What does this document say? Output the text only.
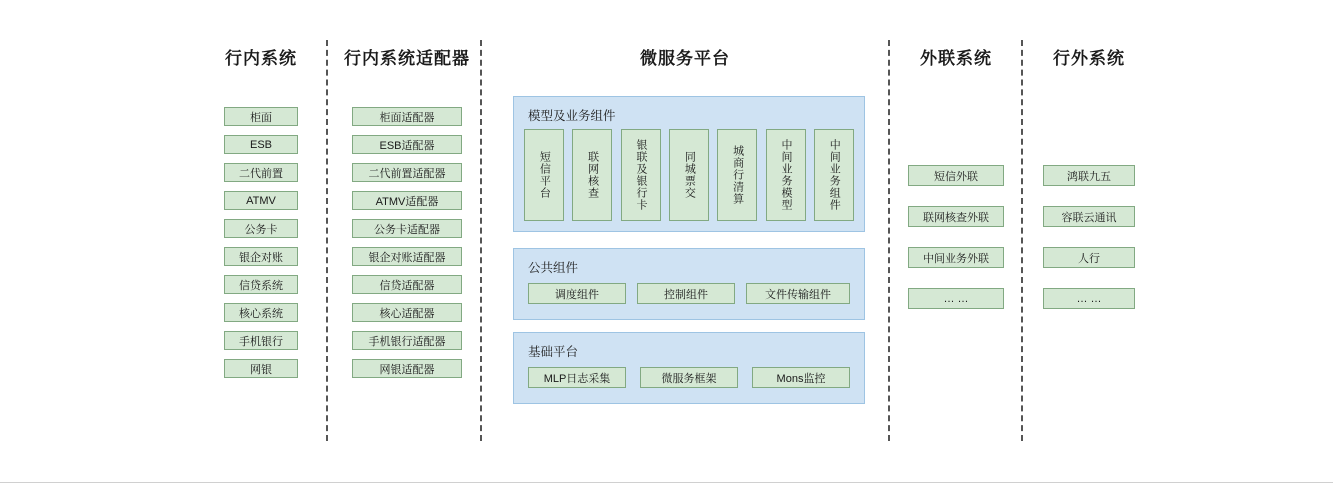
行内系统
柜面
ESB
二代前置
ATMV
公务卡
银企对账
信贷系统
核心系统
手机银行
网银
行内系统适配器
柜面适配器
ESB适配器
二代前置适配器
ATMV适配器
公务卡适配器
银企对账适配器
信贷适配器
核心适配器
手机银行适配器
网银适配器
微服务平台
模型及业务组件
短信平台	联网核查	银联及银行卡	同城票交	城商行清算	中间业务模型	中间业务组件
公共组件
调度组件	控制组件	文件传输组件
基础平台
MLP日志采集	微服务框架	Mons监控
外联系统
短信外联
联网核查外联
中间业务外联
… …
行外系统
鸿联九五
容联云通讯
人行
… …
